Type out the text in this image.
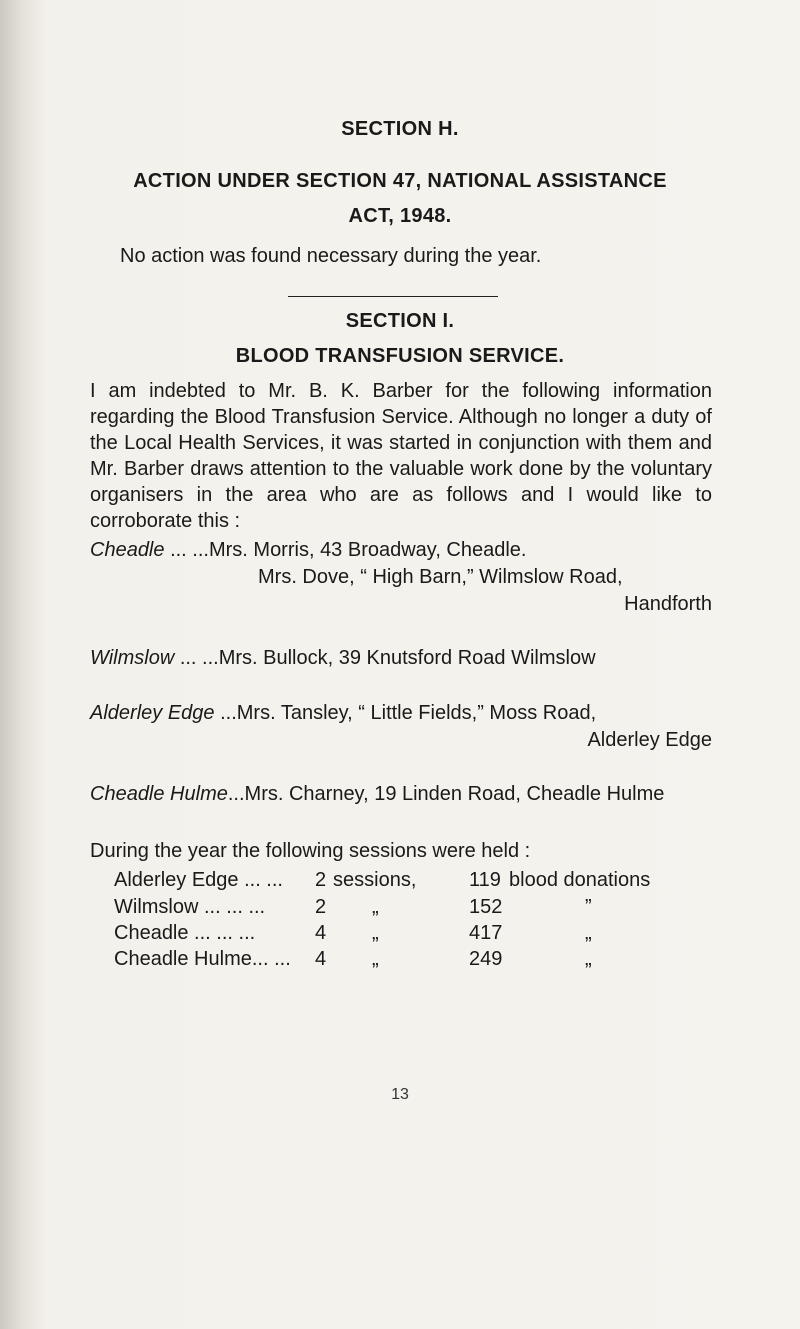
SECTION H.
ACTION UNDER SECTION 47, NATIONAL ASSISTANCE
ACT, 1948.
No action was found necessary during the year.
SECTION I.
BLOOD TRANSFUSION SERVICE.
I am indebted to Mr. B. K. Barber for the following information regarding the Blood Transfusion Service. Although no longer a duty of the Local Health Services, it was started in conjunction with them and Mr. Barber draws attention to the valuable work done by the voluntary organisers in the area who are as follows and I would like to corroborate this :
Cheadle ... ...Mrs. Morris, 43 Broadway, Cheadle.
Mrs. Dove, “ High Barn,” Wilmslow Road,
Handforth
Wilmslow ... ...Mrs. Bullock, 39 Knutsford Road Wilmslow
Alderley Edge ...Mrs. Tansley, “ Little Fields,” Moss Road,
Alderley Edge
Cheadle Hulme...Mrs. Charney, 19 Linden Road, Cheadle Hulme
During the year the following sessions were held :
Alderley Edge ... ... 2 sessions,	119 blood donations
Wilmslow ... ... ... 2 „	152	”
Cheadle ... ... ...	4 „	417	„
Cheadle Hulme... ... 4 „	249	„
13
